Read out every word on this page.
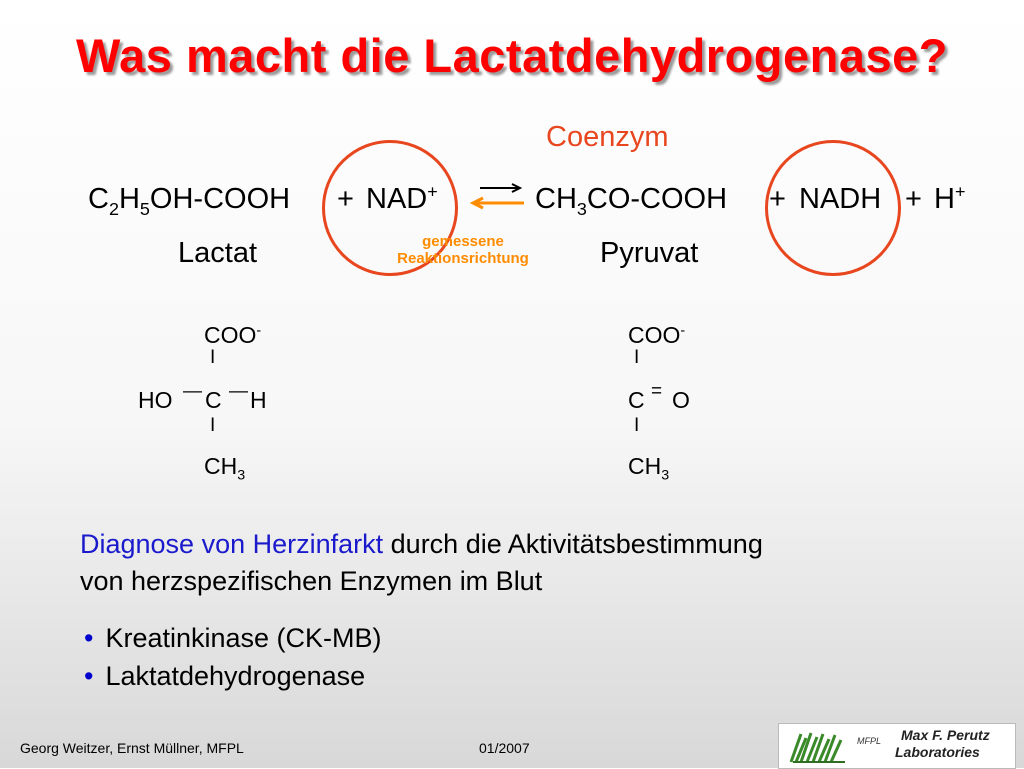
Was macht die Lactatdehydrogenase?
Coenzym
$C_2H_5OH$-COOH + NAD+ ⇌ $CH_3CO$-COOH + NADH + H+
Lactat	gemessene
Reaktionsrichtung	Pyruvat
COO-
I
HO — C — H
I
$CH_3$
COO-
I
C = O
I
$CH_3$
Diagnose von Herzinfarkt durch die Aktivitätsbestimmung
von herzspezifischen Enzymen im Blut
• Kreatinkinase (CK-MB)
• Laktatdehydrogenase
Georg Weitzer, Ernst Müllner, MFPL	01/2007	MFPL Max F. Perutz
Laboratories
